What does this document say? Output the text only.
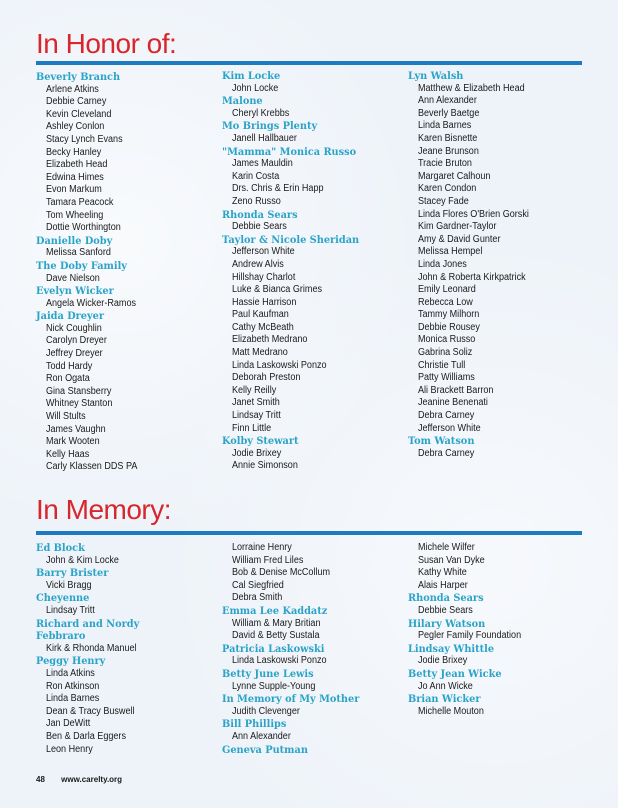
In Honor of:
Beverly Branch
Arlene Atkins
Debbie Carney
Kevin Cleveland
Ashley Conlon
Stacy Lynch Evans
Becky Hanley
Elizabeth Head
Edwina Himes
Evon Markum
Tamara Peacock
Tom Wheeling
Dottie Worthington
Danielle Doby
Melissa Sanford
The Doby Family
Dave Nielson
Evelyn Wicker
Angela Wicker-Ramos
Jaida Dreyer
Nick Coughlin
Carolyn Dreyer
Jeffrey Dreyer
Todd Hardy
Ron Ogata
Gina Stansberry
Whitney Stanton
Will Stults
James Vaughn
Mark Wooten
Kelly Haas
Carly Klassen DDS PA
Kim Locke
John Locke
Malone
Cheryl Krebbs
Mo Brings Plenty
Janell Hallbauer
"Mamma" Monica Russo
James Mauldin
Karin Costa
Drs. Chris & Erin Happ
Zeno Russo
Rhonda Sears
Debbie Sears
Taylor & Nicole Sheridan
Jefferson White
Andrew Alvis
Hillshay Charlot
Luke & Bianca Grimes
Hassie Harrison
Paul Kaufman
Cathy McBeath
Elizabeth Medrano
Matt Medrano
Linda Laskowski Ponzo
Deborah Preston
Kelly Reilly
Janet Smith
Lindsay Tritt
Finn Little
Kolby Stewart
Jodie Brixey
Annie Simonson
Lyn Walsh
Matthew & Elizabeth Head
Ann Alexander
Beverly Baetge
Linda Barnes
Karen Bisnette
Jeane Brunson
Tracie Bruton
Margaret Calhoun
Karen Condon
Stacey Fade
Linda Flores O'Brien Gorski
Kim Gardner-Taylor
Amy & David Gunter
Melissa Hempel
Linda Jones
John & Roberta Kirkpatrick
Emily Leonard
Rebecca Low
Tammy Milhorn
Debbie Rousey
Monica Russo
Gabrina Soliz
Christie Tull
Patty Williams
Ali Brackett Barron
Jeanine Benenati
Debra Carney
Jefferson White
Tom Watson
Debra Carney
In Memory:
Ed Block
John & Kim Locke
Barry Brister
Vicki Bragg
Cheyenne
Lindsay Tritt
Richard and Nordy
Febbraro
Kirk & Rhonda Manuel
Peggy Henry
Linda Atkins
Ron Atkinson
Linda Barnes
Dean & Tracy Buswell
Jan DeWitt
Ben & Darla Eggers
Leon Henry
Lorraine Henry
William Fred Liles
Bob & Denise McCollum
Cal Siegfried
Debra Smith
Emma Lee Kaddatz
William & Mary Britian
David & Betty Sustala
Patricia Laskowski
Linda Laskowski Ponzo
Betty June Lewis
Lynne Supple-Young
In Memory of My Mother
Judith Clevenger
Bill Phillips
Ann Alexander
Geneva Putman
Michele Wilfer
Susan Van Dyke
Kathy White
Alais Harper
Rhonda Sears
Debbie Sears
Hilary Watson
Pegler Family Foundation
Lindsay Whittle
Jodie Brixey
Betty Jean Wicke
Jo Ann Wicke
Brian Wicker
Michelle Mouton
48 www.carelty.org
